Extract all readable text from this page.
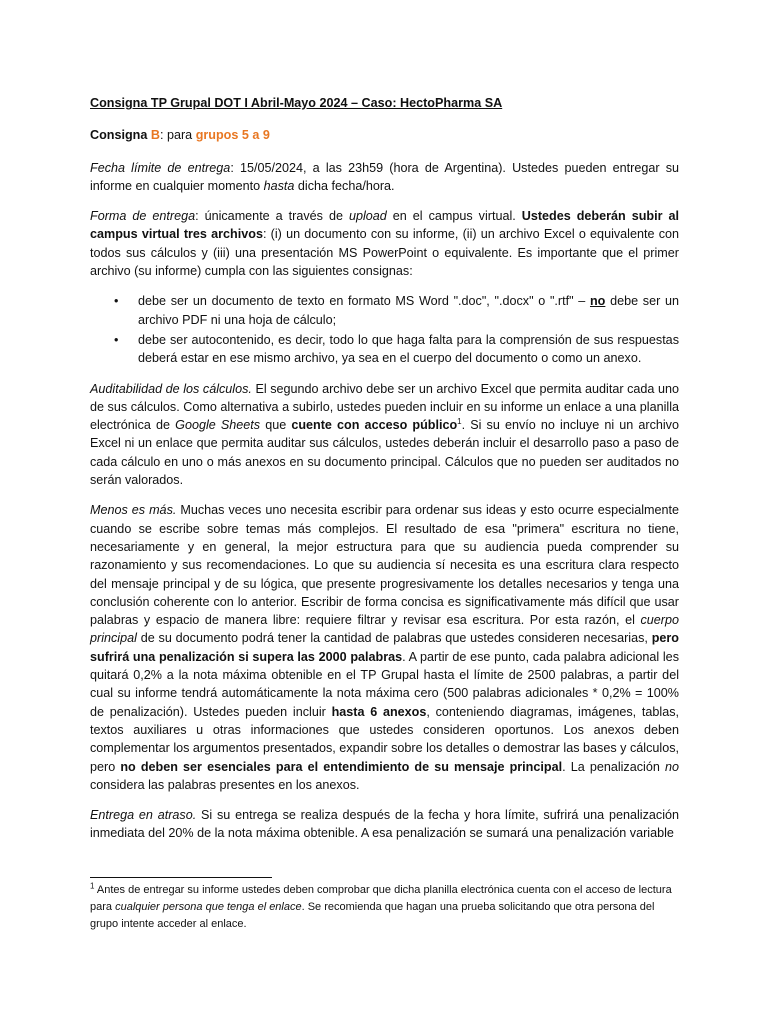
Consigna TP Grupal DOT I Abril-Mayo 2024 – Caso: HectoPharma SA
Consigna B: para grupos 5 a 9

Fecha límite de entrega: 15/05/2024, a las 23h59 (hora de Argentina). Ustedes pueden entregar su informe en cualquier momento hasta dicha fecha/hora.

Forma de entrega: únicamente a través de upload en el campus virtual. Ustedes deberán subir al campus virtual tres archivos: (i) un documento con su informe, (ii) un archivo Excel o equivalente con todos sus cálculos y (iii) una presentación MS PowerPoint o equivalente. Es importante que el primer archivo (su informe) cumpla con las siguientes consignas:

• debe ser un documento de texto en formato MS Word ".doc", ".docx" o ".rtf" – no debe ser un archivo PDF ni una hoja de cálculo;
• debe ser autocontenido, es decir, todo lo que haga falta para la comprensión de sus respuestas deberá estar en ese mismo archivo, ya sea en el cuerpo del documento o como un anexo.

Auditabilidad de los cálculos. El segundo archivo debe ser un archivo Excel que permita auditar cada uno de sus cálculos. Como alternativa a subirlo, ustedes pueden incluir en su informe un enlace a una planilla electrónica de Google Sheets que cuente con acceso público$^1$. Si su envío no incluye ni un archivo Excel ni un enlace que permita auditar sus cálculos, ustedes deberán incluir el desarrollo paso a paso de cada cálculo en uno o más anexos en su documento principal. Cálculos que no pueden ser auditados no serán valorados.

Menos es más. Muchas veces uno necesita escribir para ordenar sus ideas y esto ocurre especialmente cuando se escribe sobre temas más complejos. El resultado de esa "primera" escritura no tiene, necesariamente y en general, la mejor estructura para que su audiencia pueda comprender su razonamiento y sus recomendaciones. Lo que su audiencia sí necesita es una escritura clara respecto del mensaje principal y de su lógica, que presente progresivamente los detalles necesarios y tenga una conclusión coherente con lo anterior. Escribir de forma concisa es significativamente más difícil que usar palabras y espacio de manera libre: requiere filtrar y revisar esa escritura. Por esta razón, el cuerpo principal de su documento podrá tener la cantidad de palabras que ustedes consideren necesarias, pero sufrirá una penalización si supera las 2000 palabras. A partir de ese punto, cada palabra adicional les quitará 0,2% a la nota máxima obtenible en el TP Grupal hasta el límite de 2500 palabras, a partir del cual su informe tendrá automáticamente la nota máxima cero (500 palabras adicionales * 0,2% = 100% de penalización). Ustedes pueden incluir hasta 6 anexos, conteniendo diagramas, imágenes, tablas, textos auxiliares u otras informaciones que ustedes consideren oportunos. Los anexos deben complementar los argumentos presentados, expandir sobre los detalles o demostrar las bases y cálculos, pero no deben ser esenciales para el entendimiento de su mensaje principal. La penalización no considera las palabras presentes en los anexos.

Entrega en atraso. Si su entrega se realiza después de la fecha y hora límite, sufrirá una penalización inmediata del 20% de la nota máxima obtenible. A esa penalización se sumará una penalización variable

$^1$ Antes de entregar su informe ustedes deben comprobar que dicha planilla electrónica cuenta con el acceso de lectura para cualquier persona que tenga el enlace. Se recomienda que hagan una prueba solicitando que otra persona del grupo intente acceder al enlace.
